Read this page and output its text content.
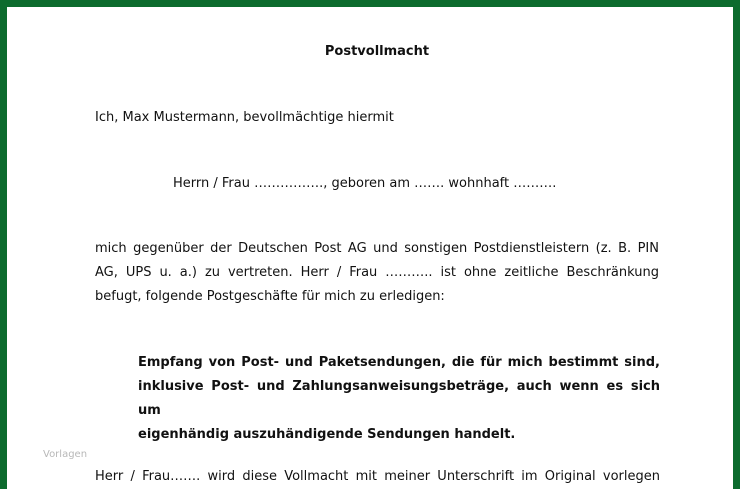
Postvollmacht
Ich, Max Mustermann, bevollmächtige hiermit
Herrn / Frau ……………., geboren am ……. wohnhaft ……….
mich gegenüber der Deutschen Post AG und sonstigen Postdienstleistern (z. B. PIN
AG, UPS u. a.) zu vertreten. Herr / Frau ……….. ist ohne zeitliche Beschränkung
befugt, folgende Postgeschäfte für mich zu erledigen:
Empfang von Post- und Paketsendungen, die für mich bestimmt sind,
inklusive Post- und Zahlungsanweisungsbeträge, auch wenn es sich um
eigenhändig auszuhändigende Sendungen handelt.
Vorlagen
Herr / Frau……. wird diese Vollmacht mit meiner Unterschrift im Original vorlegen
